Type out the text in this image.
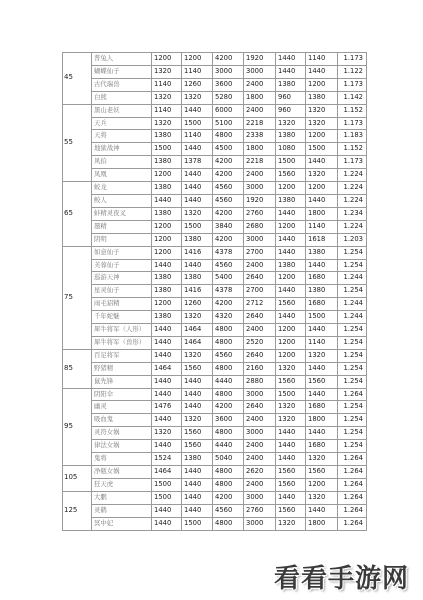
45	普兔人	1200	1200	4200	1920	1440	1140	1.173
	蝴蝶仙子	1320	1140	3000	3000	1440	1440	1.122
	古代瑞兽	1140	1260	3600	2400	1380	1200	1.173
	白熊	1320	1320	5280	1800	960	1380	1.142
55	黑山老妖	1140	1440	6000	2400	960	1320	1.152
	天兵	1320	1500	5100	2218	1320	1320	1.173
	天将	1380	1140	4800	2338	1380	1200	1.183
	地狱战神	1500	1440	4500	1800	1080	1500	1.152
	风伯	1380	1378	4200	2218	1500	1440	1.173
	凤凰	1200	1440	4200	2400	1560	1320	1.224
65	蛟龙	1380	1440	4560	3000	1200	1200	1.224
	鲛人	1440	1440	4560	1920	1380	1440	1.224
	蚌精灵夜叉	1380	1320	4200	2760	1440	1800	1.234
	蜃精	1200	1500	3840	2680	1200	1140	1.224
	阴明	1200	1380	4200	3000	1440	1618	1.203
75	如意仙子	1200	1416	4378	2700	1440	1380	1.254
	芙蓉仙子	1440	1440	4560	2400	1380	1440	1.254
	巡游天神	1380	1380	5400	2640	1200	1680	1.244
	星灵仙子	1380	1416	4378	2700	1440	1380	1.254
	雨毛貂精	1200	1260	4200	2712	1560	1680	1.244
	千年蛇魅	1380	1320	4320	2640	1440	1500	1.244
	犀牛将军（人形）	1440	1464	4800	2400	1200	1440	1.254
	犀牛将军（兽形）	1440	1464	4800	2520	1200	1140	1.254
85	百足将军	1440	1320	4560	2640	1200	1320	1.254
	野猪精	1464	1560	4800	2160	1320	1440	1.254
	鼠先锋	1440	1440	4440	2880	1560	1560	1.254
95	阴阳伞	1440	1440	4800	3000	1500	1440	1.264
	幽灵	1476	1440	4200	2640	1320	1680	1.254
	吸血鬼	1440	1320	3600	2400	1320	1800	1.254
	灵符女娲	1320	1560	4800	3000	1440	1440	1.254
	律法女娲	1440	1560	4440	2400	1440	1680	1.254
	鬼将	1524	1380	5040	2400	1440	1320	1.264
105	净瓶女娲	1464	1440	4800	2620	1560	1560	1.264
	狂天虎	1500	1440	4800	2400	1560	1200	1.264
125	大鹏	1500	1440	4200	3000	1440	1320	1.264
	灵鹤	1440	1440	4560	2760	1560	1440	1.264
	冥中妃	1440	1500	4800	3000	1320	1800	1.264
看看手游网
